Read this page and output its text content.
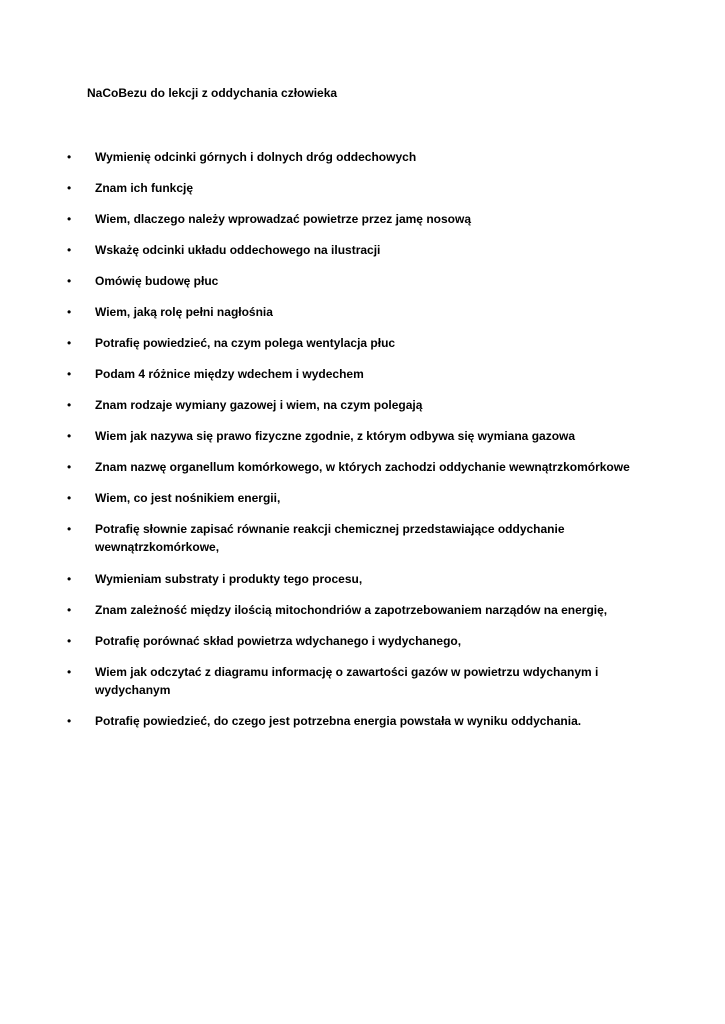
NaCoBezu do lekcji z oddychania człowieka
• Wymienię odcinki górnych i dolnych dróg oddechowych
• Znam ich funkcję
• Wiem, dlaczego należy wprowadzać powietrze przez jamę nosową
• Wskażę odcinki układu oddechowego na ilustracji
• Omówię budowę płuc
• Wiem, jaką rolę pełni nagłośnia
• Potrafię powiedzieć, na czym polega wentylacja płuc
• Podam 4 różnice między wdechem i wydechem
• Znam rodzaje wymiany gazowej i wiem, na czym polegają
• Wiem jak nazywa się prawo fizyczne zgodnie, z którym odbywa się wymiana gazowa
• Znam nazwę organellum komórkowego, w których zachodzi oddychanie wewnątrzkomórkowe
• Wiem, co jest nośnikiem energii,
• Potrafię słownie zapisać równanie reakcji chemicznej przedstawiające oddychanie wewnątrzkomórkowe,
• Wymieniam substraty i produkty tego procesu,
• Znam zależność między ilością mitochondriów a zapotrzebowaniem narządów na energię,
• Potrafię porównać skład powietrza wdychanego i wydychanego,
• Wiem jak odczytać z diagramu informację o zawartości gazów w powietrzu wdychanym i wydychanym
• Potrafię powiedzieć, do czego jest potrzebna energia powstała w wyniku oddychania.
